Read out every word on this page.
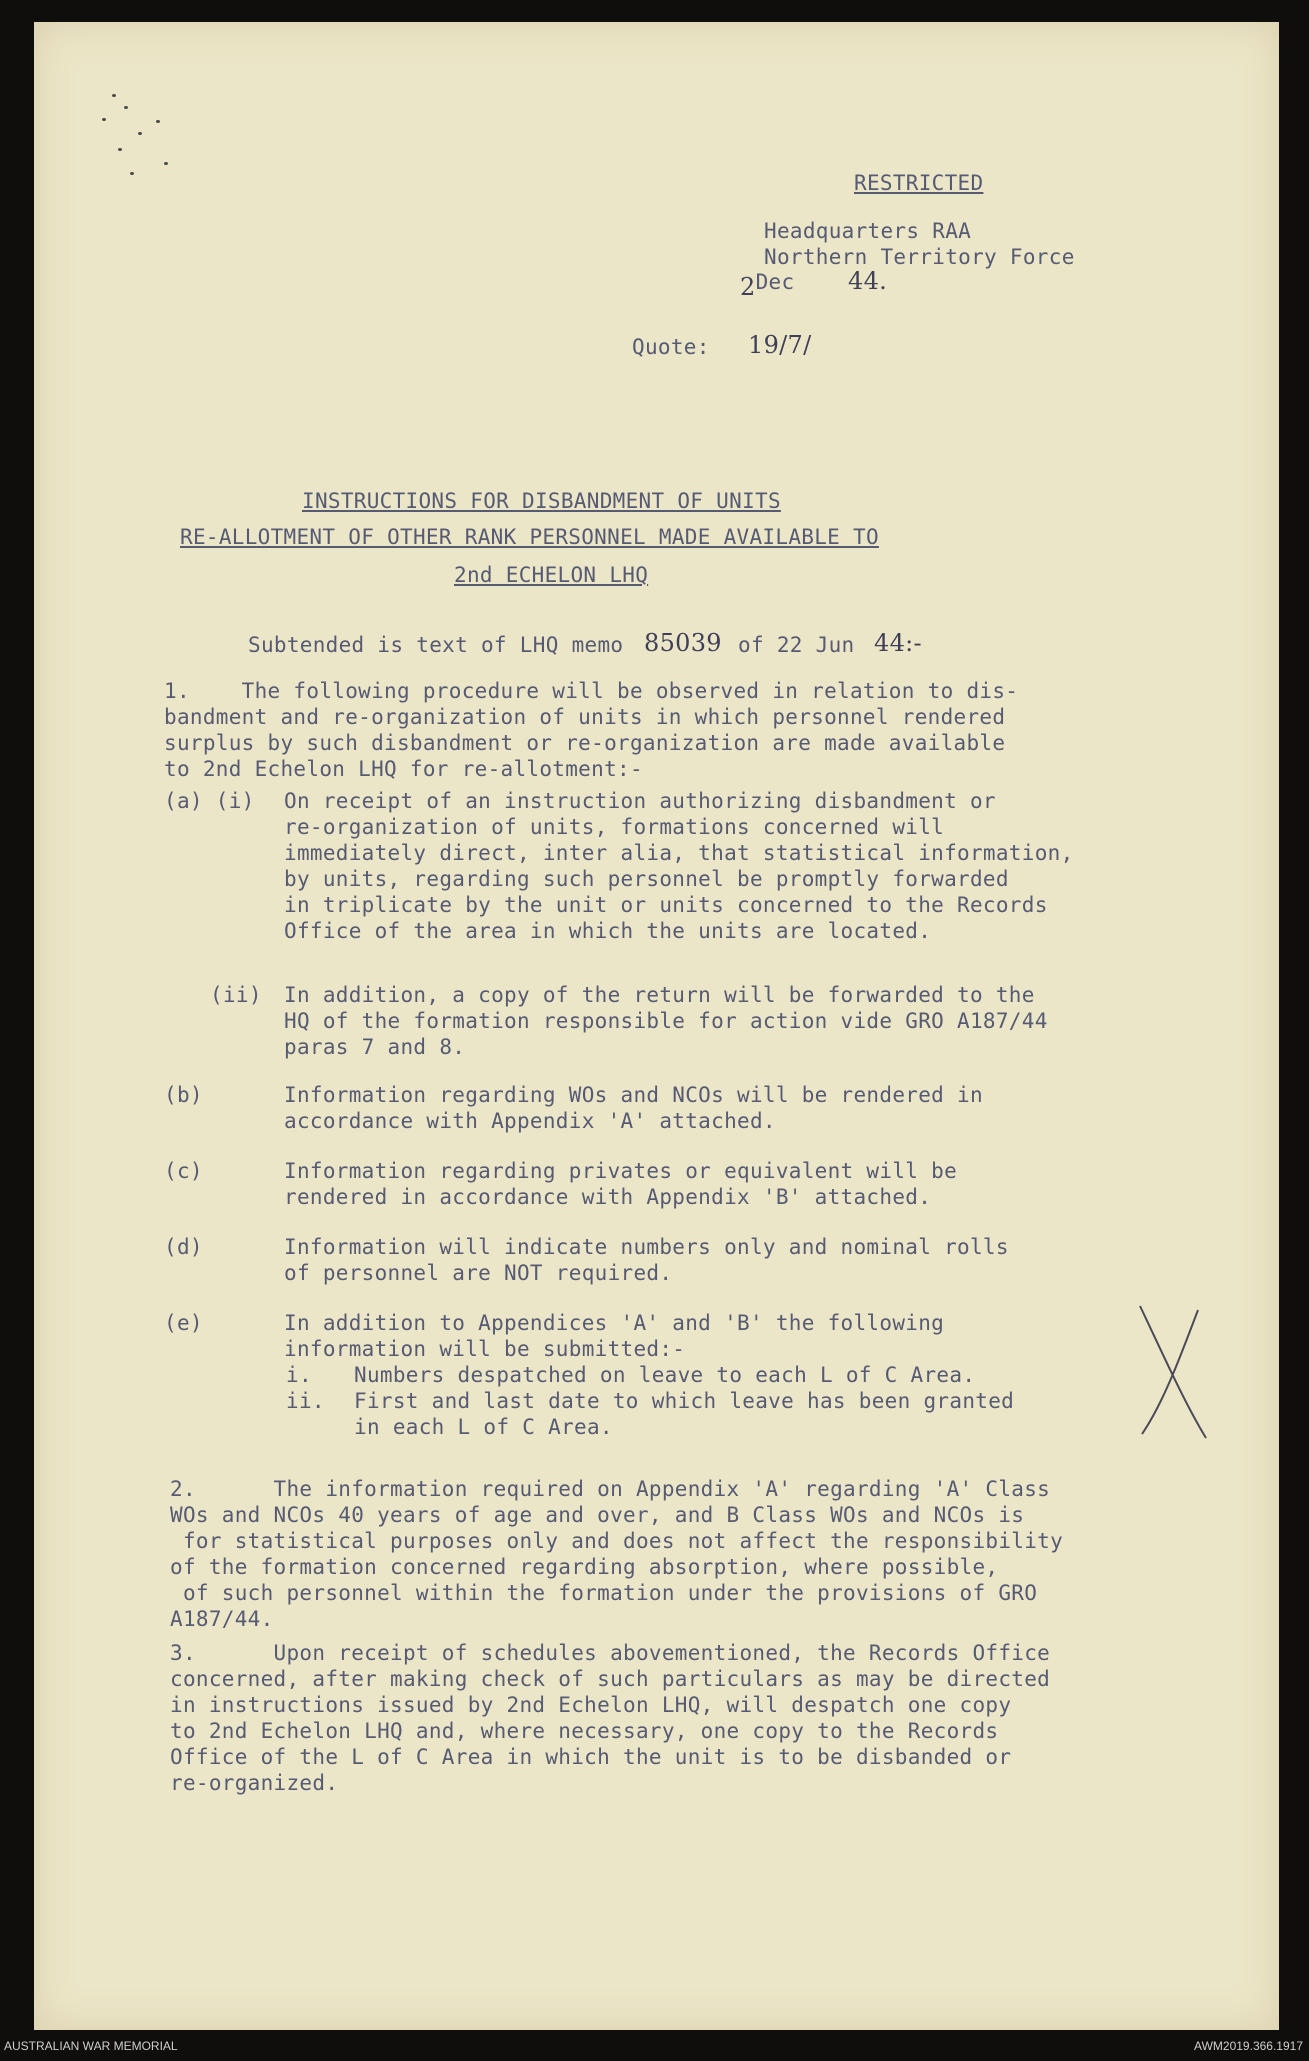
RESTRICTED
Headquarters RAA
Northern Territory Force
2Dec 44.
Quote: 19/7/
INSTRUCTIONS FOR DISBANDMENT OF UNITS
RE-ALLOTMENT OF OTHER RANK PERSONNEL MADE AVAILABLE TO
2nd ECHELON LHQ
Subtended is text of LHQ memo 85039 of 22 Jun 44:-
1.    The following procedure will be observed in relation to dis-
bandment and re-organization of units in which personnel rendered
surplus by such disbandment or re-organization are made available
to 2nd Echelon LHQ for re-allotment:-
(a) (i) On receipt of an instruction authorizing disbandment or
re-organization of units, formations concerned will
immediately direct, inter alia, that statistical information,
by units, regarding such personnel be promptly forwarded
in triplicate by the unit or units concerned to the Records
Office of the area in which the units are located.
(ii) In addition, a copy of the return will be forwarded to the
HQ of the formation responsible for action vide GRO A187/44
paras 7 and 8.
(b)	Information regarding WOs and NCOs will be rendered in
accordance with Appendix 'A' attached.
(c)	Information regarding privates or equivalent will be
rendered in accordance with Appendix 'B' attached.
(d)	Information will indicate numbers only and nominal rolls
of personnel are NOT required.
(e)	In addition to Appendices 'A' and 'B' the following
information will be submitted:-
i. Numbers despatched on leave to each L of C Area.
ii. First and last date to which leave has been granted
in each L of C Area.
2.      The information required on Appendix 'A' regarding 'A' Class
WOs and NCOs 40 years of age and over, and B Class WOs and NCOs is
for statistical purposes only and does not affect the responsibility
of the formation concerned regarding absorption, where possible,
of such personnel within the formation under the provisions of GRO
A187/44.
3.      Upon receipt of schedules abovementioned, the Records Office
concerned, after making check of such particulars as may be directed
in instructions issued by 2nd Echelon LHQ, will despatch one copy
to 2nd Echelon LHQ and, where necessary, one copy to the Records
Office of the L of C Area in which the unit is to be disbanded or
re-organized.
AUSTRALIAN WAR MEMORIAL	AWM2019.366.1917
